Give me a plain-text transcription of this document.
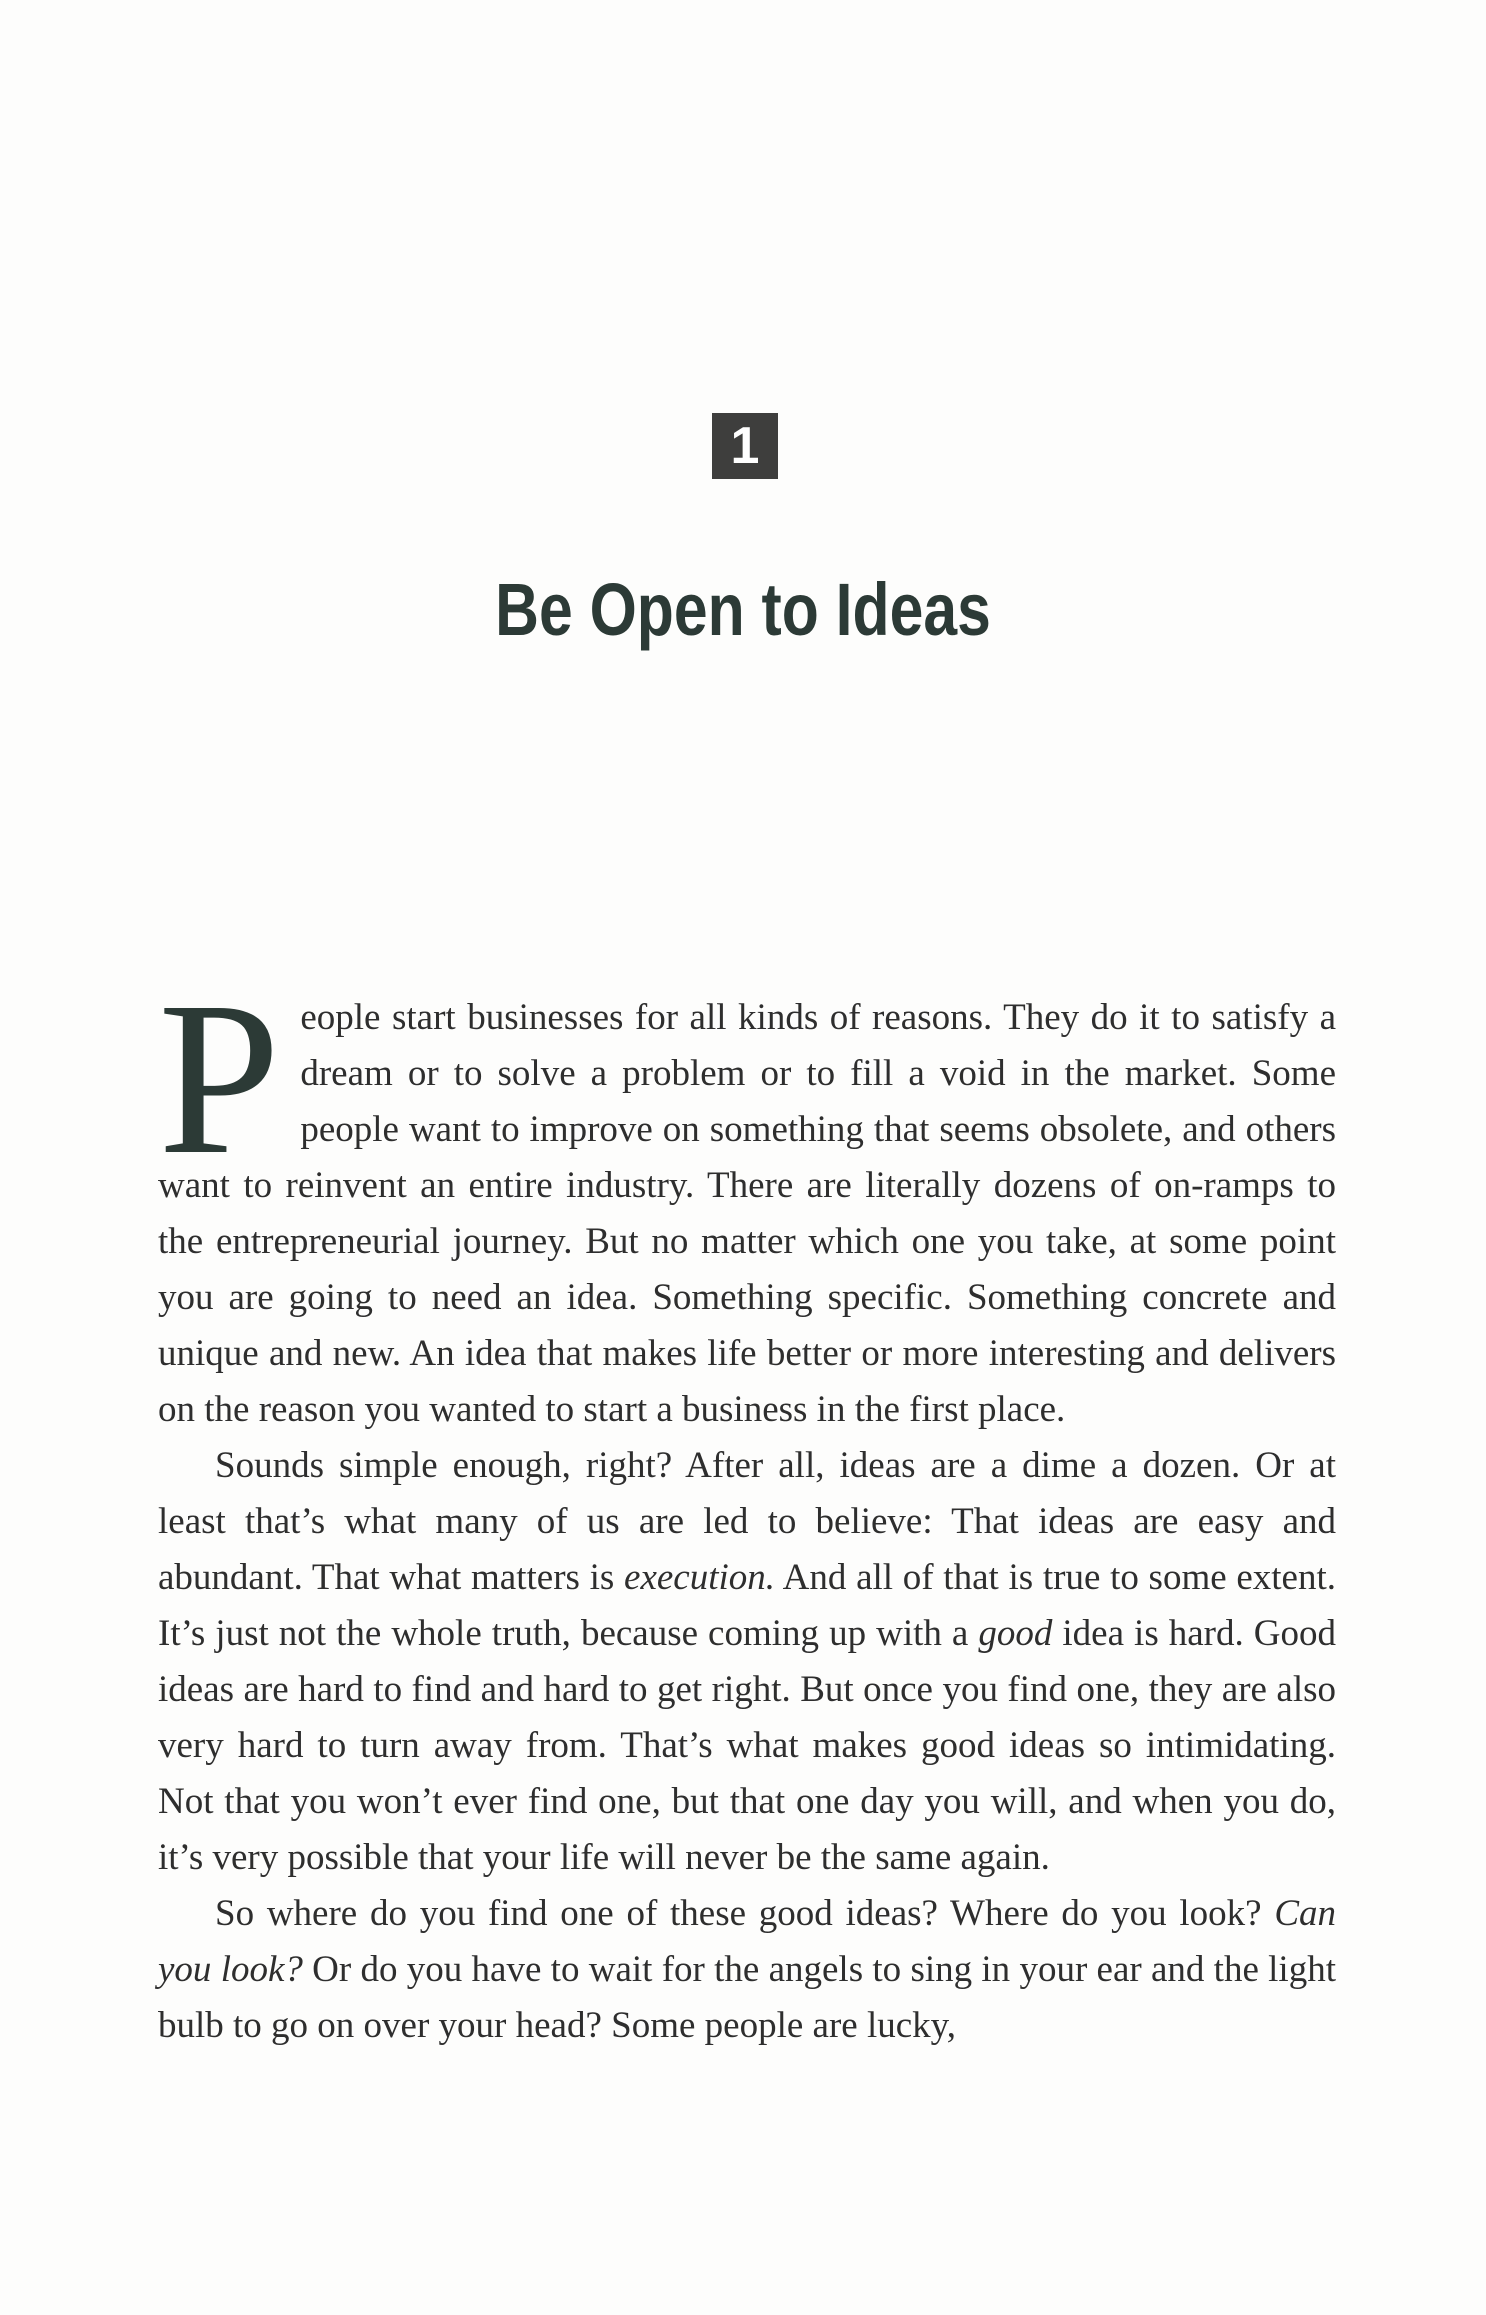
1
Be Open to Ideas

People start businesses for all kinds of reasons. They do it to satisfy a dream or to solve a problem or to fill a void in the market. Some people want to improve on something that seems obsolete, and others want to reinvent an entire industry. There are literally dozens of on-ramps to the entrepreneurial journey. But no matter which one you take, at some point you are going to need an idea. Something specific. Something concrete and unique and new. An idea that makes life better or more interesting and delivers on the reason you wanted to start a business in the first place.

Sounds simple enough, right? After all, ideas are a dime a dozen. Or at least that’s what many of us are led to believe: That ideas are easy and abundant. That what matters is execution. And all of that is true to some extent. It’s just not the whole truth, because coming up with a good idea is hard. Good ideas are hard to find and hard to get right. But once you find one, they are also very hard to turn away from. That’s what makes good ideas so intimidating. Not that you won’t ever find one, but that one day you will, and when you do, it’s very possible that your life will never be the same again.

So where do you find one of these good ideas? Where do you look? Can you look? Or do you have to wait for the angels to sing in your ear and the light bulb to go on over your head? Some people are lucky,
